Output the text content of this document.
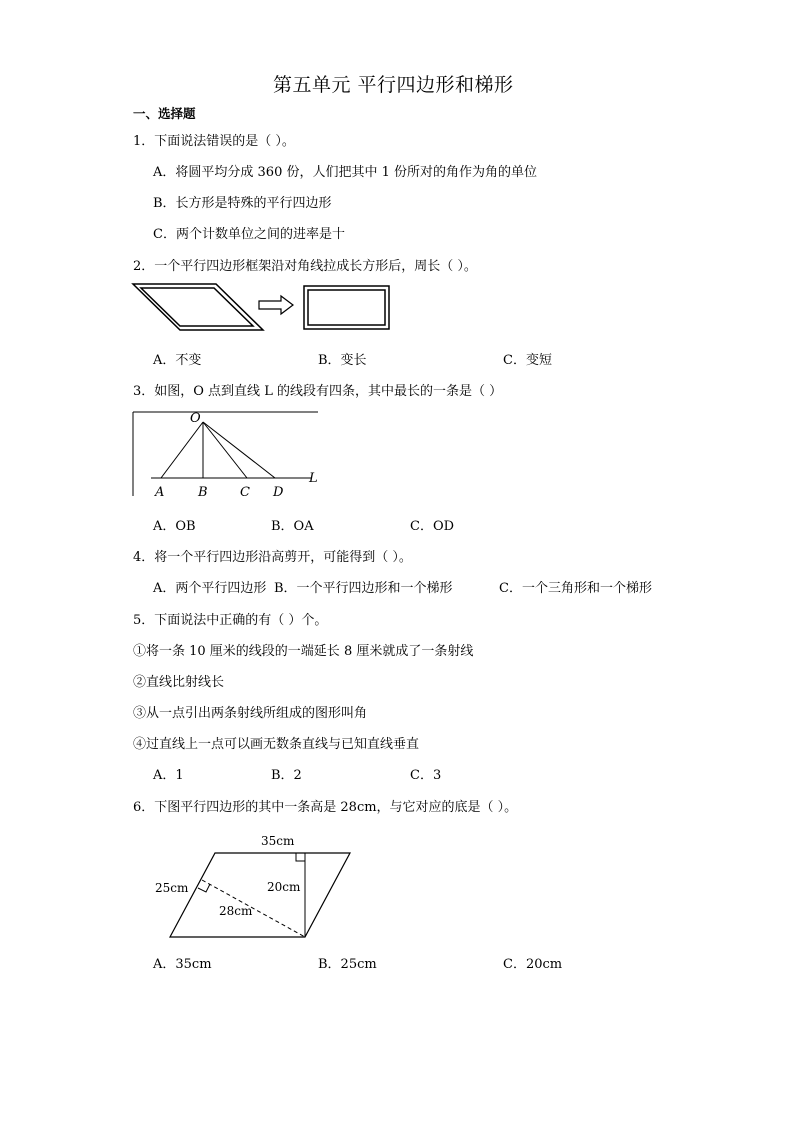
第五单元 平行四边形和梯形
一、选择题
1．下面说法错误的是（ ）。
A．将圆平均分成 360 份，人们把其中 1 份所对的角作为角的单位
B．长方形是特殊的平行四边形
C．两个计数单位之间的进率是十
2．一个平行四边形框架沿对角线拉成长方形后，周长（ ）。
A．不变	B．变长	C．变短
3．如图，O 点到直线 L 的线段有四条，其中最长的一条是（ ）
O
L
A	B C D
A．OB	B．OA	C．OD
4．将一个平行四边形沿高剪开，可能得到（ ）。
A．两个平行四边形 B．一个平行四边形和一个梯形	C．一个三角形和一个梯形
5．下面说法中正确的有（ ）个。
①将一条 10 厘米的线段的一端延长 8 厘米就成了一条射线
②直线比射线长
③从一点引出两条射线所组成的图形叫角
④过直线上一点可以画无数条直线与已知直线垂直
A．1	B．2	C．3
6．下图平行四边形的其中一条高是 28cm，与它对应的底是（ ）。
35cm
25cm	20cm
28cm
A．35cm	B．25cm	C．20cm
